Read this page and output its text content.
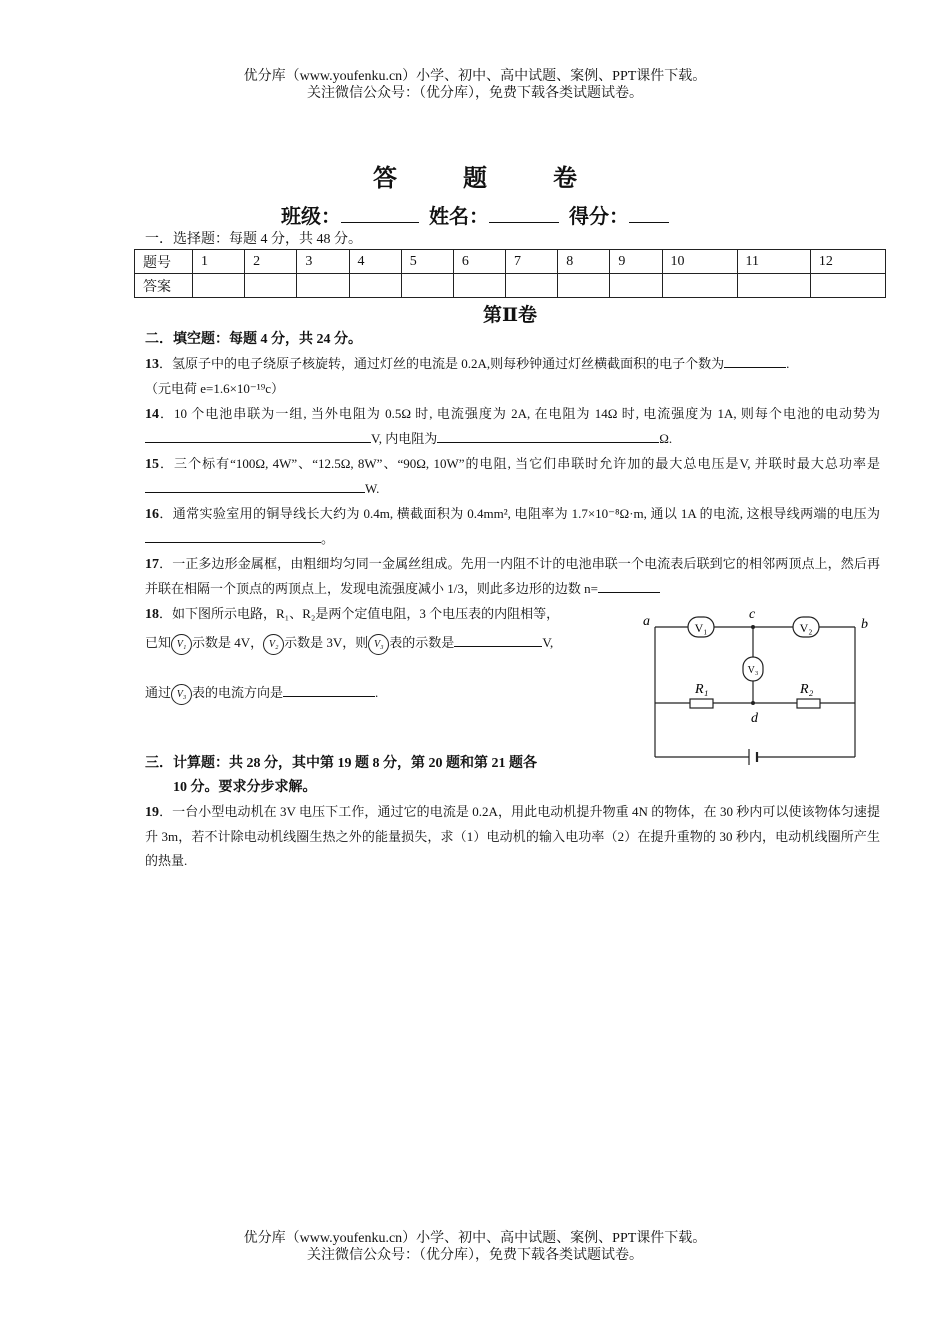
优分库（www.youfenku.cn）小学、初中、高中试题、案例、PPT课件下载。
关注微信公众号：（优分库），免费下载各类试题试卷。
答	题	卷
班级：	姓名：	得分：
一．选择题：每题 4 分，共 48 分。
题号	1	2	3	4	5	6	7	8	9	10	11	12
答案												
第Ⅱ卷
二．填空题：每题 4 分，共 24 分。
13．氢原子中的电子绕原子核旋转，通过灯丝的电流是 0.2A,则每秒钟通过灯丝横截面积的电子个数为	.
（元电荷 e=1.6×10⁻¹⁹c）
14．10 个电池串联为一组, 当外电阻为 0.5Ω 时, 电流强度为 2A, 在电阻为 14Ω 时, 电流强度为 1A, 则每个电池的电动势为V, 内电阻为	Ω.
15．三个标有“100Ω, 4W”、“12.5Ω, 8W”、“90Ω, 10W”的电阻, 当它们串联时允许加的最大总电压是V, 并联时最大总功率是W.
16．通常实验室用的铜导线长大约为 0.4m, 横截面积为 0.4mm², 电阻率为 1.7×10⁻⁸Ω·m, 通以 1A 的电流, 这根导线两端的电压为。
17．一正多边形金属框，由粗细均匀同一金属丝组成。先用一内阻不计的电池串联一个电流表后联到它的相邻两顶点上，然后再并联在相隔一个顶点的两顶点上，发现电流强度减小 1/3，则此多边形的边数 n=
18．如下图所示电路，R₁、R₂是两个定值电阻，3 个电压表的内阻相等，
已知 V₁ 示数是 4V， V₂ 示数是 3V，则 V₃ 表的示数是	V,
通过 V₃ 表的电流方向是	.
V₁	V₂
V₃
a	b
c
d
R₁	R₂
三．计算题：共 28 分，其中第 19 题 8 分，第 20 题和第 21 题各
10 分。要求分步求解。
19．一台小型电动机在 3V 电压下工作，通过它的电流是 0.2A，用此电动机提升物重 4N 的物体，在 30 秒内可以使该物体匀速提升 3m，若不计除电动机线圈生热之外的能量损失，求（1）电动机的输入电功率（2）在提升重物的 30 秒内，电动机线圈所产生的热量.
优分库（www.youfenku.cn）小学、初中、高中试题、案例、PPT课件下载。
关注微信公众号：（优分库），免费下载各类试题试卷。
